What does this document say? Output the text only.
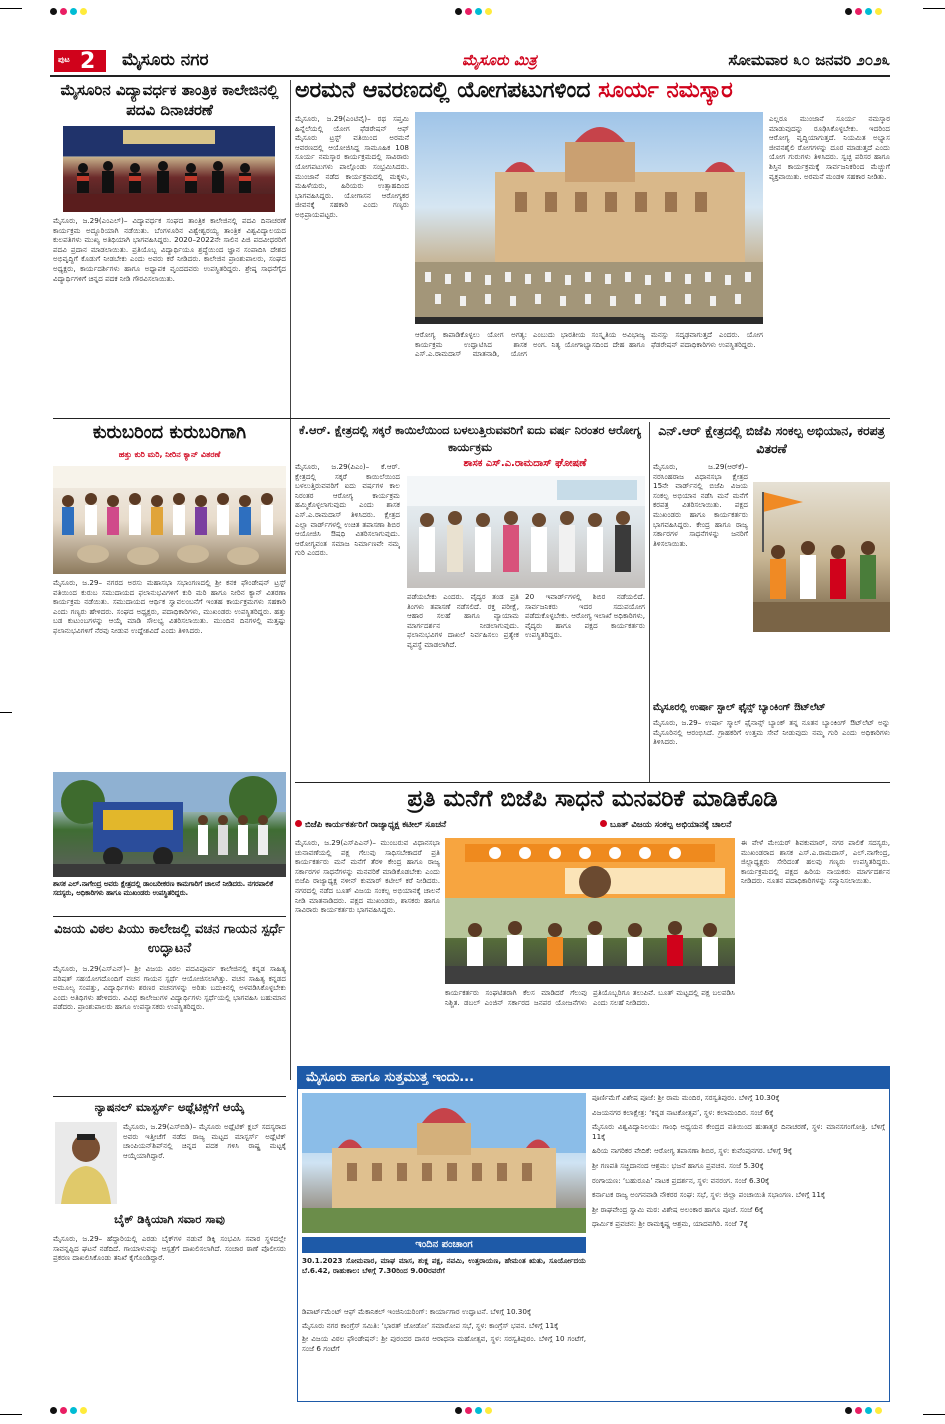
ಪುಟ 2 ಮೈಸೂರು ನಗರ	ಮೈಸೂರು ಮಿತ್ರ	ಸೋಮವಾರ ೩೦ ಜನವರಿ ೨೦೨೩
ಮೈಸೂರಿನ ವಿದ್ಯಾವರ್ಧಕ ತಾಂತ್ರಿಕ ಕಾಲೇಜಿನಲ್ಲಿ ಪದವಿ ದಿನಾಚರಣೆ
ಮೈಸೂರು, ಜ.29(ಎಂಎಲ್)– ವಿದ್ಯಾವರ್ಧಕ ಸಂಘದ ತಾಂತ್ರಿಕ ಕಾಲೇಜಿನಲ್ಲಿ ಪದವಿ ದಿನಾಚರಣೆ ಕಾರ್ಯಕ್ರಮ ಅದ್ದೂರಿಯಾಗಿ ನಡೆಯಿತು. ಬೆಂಗಳೂರಿನ ವಿಶ್ವೇಶ್ವರಯ್ಯ ತಾಂತ್ರಿಕ ವಿಶ್ವವಿದ್ಯಾಲಯದ ಕುಲಪತಿಗಳು ಮುಖ್ಯ ಅತಿಥಿಯಾಗಿ ಭಾಗವಹಿಸಿದ್ದರು. 2020–2022ನೇ ಸಾಲಿನ ಪಿಜಿ ಪದವೀಧರರಿಗೆ ಪದವಿ ಪ್ರದಾನ ಮಾಡಲಾಯಿತು. ಪ್ರತಿಯೊಬ್ಬ ವಿದ್ಯಾರ್ಥಿಯೂ ಶ್ರದ್ಧೆಯಿಂದ ಜ್ಞಾನ ಸಂಪಾದಿಸಿ ದೇಶದ ಅಭಿವೃದ್ಧಿಗೆ ಕೊಡುಗೆ ನೀಡಬೇಕು ಎಂದು ಅವರು ಕರೆ ನೀಡಿದರು. ಕಾಲೇಜಿನ ಪ್ರಾಂಶುಪಾಲರು, ಸಂಘದ ಅಧ್ಯಕ್ಷರು, ಕಾರ್ಯದರ್ಶಿಗಳು ಹಾಗೂ ಅಧ್ಯಾಪಕ ವೃಂದದವರು ಉಪಸ್ಥಿತರಿದ್ದರು. ಶ್ರೇಷ್ಠ ಸಾಧನೆಗೈದ ವಿದ್ಯಾರ್ಥಿಗಳಿಗೆ ಚಿನ್ನದ ಪದಕ ನೀಡಿ ಗೌರವಿಸಲಾಯಿತು.
ಅರಮನೆ ಆವರಣದಲ್ಲಿ ಯೋಗಪಟುಗಳಿಂದ ಸೂರ್ಯ ನಮಸ್ಕಾರ
ಮೈಸೂರು, ಜ.29(ಎಂಟಿವೈ)– ರಥ ಸಪ್ತಮಿ ಹಿನ್ನೆಲೆಯಲ್ಲಿ ಯೋಗ ಫೆಡರೇಷನ್ ಆಫ್ ಮೈಸೂರು ಟ್ರಸ್ಟ್ ವತಿಯಿಂದ ಅರಮನೆ ಆವರಣದಲ್ಲಿ ಆಯೋಜಿಸಿದ್ದ ಸಾಮೂಹಿಕ 108 ಸೂರ್ಯ ನಮಸ್ಕಾರ ಕಾರ್ಯಕ್ರಮದಲ್ಲಿ ಸಾವಿರಾರು ಯೋಗಪಟುಗಳು ಪಾಲ್ಗೊಂಡು ಸಂಭ್ರಮಿಸಿದರು. ಮುಂಜಾನೆ ನಡೆದ ಕಾರ್ಯಕ್ರಮದಲ್ಲಿ ಮಕ್ಕಳು, ಮಹಿಳೆಯರು, ಹಿರಿಯರು ಉತ್ಸಾಹದಿಂದ ಭಾಗವಹಿಸಿದ್ದರು. ಯೋಗಾಸನ ಆರೋಗ್ಯಕರ ಜೀವನಕ್ಕೆ ಸಹಕಾರಿ ಎಂದು ಗಣ್ಯರು ಅಭಿಪ್ರಾಯಪಟ್ಟರು.
ಆರೋಗ್ಯ ಕಾಪಾಡಿಕೊಳ್ಳಲು ಯೋಗ ಅಗತ್ಯ: ಕಾರ್ಯಕ್ರಮ ಉದ್ಘಾಟಿಸಿದ ಶಾಸಕ ಎಸ್.ಎ.ರಾಮದಾಸ್ ಮಾತನಾಡಿ, ಯೋಗ ಎಂಬುದು ಭಾರತೀಯ ಸಂಸ್ಕೃತಿಯ ಅವಿಭಾಜ್ಯ ಅಂಗ. ನಿತ್ಯ ಯೋಗಾಭ್ಯಾಸದಿಂದ ದೇಹ ಹಾಗೂ ಮನಸ್ಸು ಸದೃಢವಾಗುತ್ತದೆ ಎಂದರು. ಯೋಗ ಫೆಡರೇಷನ್ ಪದಾಧಿಕಾರಿಗಳು ಉಪಸ್ಥಿತರಿದ್ದರು.
ಎಲ್ಲರೂ ಮುಂಜಾನೆ ಸೂರ್ಯ ನಮಸ್ಕಾರ ಮಾಡುವುದನ್ನು ರೂಢಿಸಿಕೊಳ್ಳಬೇಕು. ಇದರಿಂದ ಆರೋಗ್ಯ ವೃದ್ಧಿಯಾಗುತ್ತದೆ. ನಿಯಮಿತ ಅಭ್ಯಾಸ ಜೀವನಶೈಲಿ ರೋಗಗಳನ್ನು ದೂರ ಮಾಡುತ್ತದೆ ಎಂದು ಯೋಗ ಗುರುಗಳು ತಿಳಿಸಿದರು. ಸ್ವಚ್ಛ ಪರಿಸರ ಹಾಗೂ ಶಿಸ್ತಿನ ಕಾರ್ಯಕ್ರಮಕ್ಕೆ ಸಾರ್ವಜನಿಕರಿಂದ ಮೆಚ್ಚುಗೆ ವ್ಯಕ್ತವಾಯಿತು. ಅರಮನೆ ಮಂಡಳಿ ಸಹಕಾರ ನೀಡಿತು.
ಕುರುಬರಿಂದ ಕುರುಬರಿಗಾಗಿ
ಹತ್ತು ಕುರಿ ಮರಿ, ನೀರಿನ ಕ್ಯಾನ್ ವಿತರಣೆ
ಮೈಸೂರು, ಜ.29– ನಗರದ ಅರಸು ಮಹಾಸಭಾ ಸಭಾಂಗಣದಲ್ಲಿ ಶ್ರೀ ಕನಕ ಫೌಂಡೇಷನ್ ಟ್ರಸ್ಟ್ ವತಿಯಿಂದ ಕುರುಬ ಸಮುದಾಯದ ಫಲಾನುಭವಿಗಳಿಗೆ ಕುರಿ ಮರಿ ಹಾಗೂ ನೀರಿನ ಕ್ಯಾನ್ ವಿತರಣಾ ಕಾರ್ಯಕ್ರಮ ನಡೆಯಿತು. ಸಮುದಾಯದ ಆರ್ಥಿಕ ಸ್ವಾವಲಂಬನೆಗೆ ಇಂತಹ ಕಾರ್ಯಕ್ರಮಗಳು ಸಹಕಾರಿ ಎಂದು ಗಣ್ಯರು ಹೇಳಿದರು. ಸಂಘದ ಅಧ್ಯಕ್ಷರು, ಪದಾಧಿಕಾರಿಗಳು, ಮುಖಂಡರು ಉಪಸ್ಥಿತರಿದ್ದರು. ಹತ್ತು ಬಡ ಕುಟುಂಬಗಳನ್ನು ಆಯ್ಕೆ ಮಾಡಿ ಸೌಲಭ್ಯ ವಿತರಿಸಲಾಯಿತು. ಮುಂದಿನ ದಿನಗಳಲ್ಲಿ ಮತ್ತಷ್ಟು ಫಲಾನುಭವಿಗಳಿಗೆ ನೆರವು ನೀಡುವ ಉದ್ದೇಶವಿದೆ ಎಂದು ತಿಳಿಸಿದರು.
ಕೆ.ಆರ್. ಕ್ಷೇತ್ರದಲ್ಲಿ ಸಕ್ಕರೆ ಕಾಯಿಲೆಯಿಂದ ಬಳಲುತ್ತಿರುವವರಿಗೆ ಐದು ವರ್ಷ ನಿರಂತರ ಆರೋಗ್ಯ ಕಾರ್ಯಕ್ರಮ
ಶಾಸಕ ಎಸ್.ಎ.ರಾಮದಾಸ್ ಘೋಷಣೆ
ಮೈಸೂರು, ಜ.29(ಪಿಎಂ)– ಕೆ.ಆರ್. ಕ್ಷೇತ್ರದಲ್ಲಿ ಸಕ್ಕರೆ ಕಾಯಿಲೆಯಿಂದ ಬಳಲುತ್ತಿರುವವರಿಗೆ ಐದು ವರ್ಷಗಳ ಕಾಲ ನಿರಂತರ ಆರೋಗ್ಯ ಕಾರ್ಯಕ್ರಮ ಹಮ್ಮಿಕೊಳ್ಳಲಾಗುವುದು ಎಂದು ಶಾಸಕ ಎಸ್.ಎ.ರಾಮದಾಸ್ ತಿಳಿಸಿದರು. ಕ್ಷೇತ್ರದ ಎಲ್ಲಾ ವಾರ್ಡ್‌ಗಳಲ್ಲಿ ಉಚಿತ ತಪಾಸಣಾ ಶಿಬಿರ ಆಯೋಜಿಸಿ ಔಷಧಿ ವಿತರಿಸಲಾಗುವುದು. ಆರೋಗ್ಯವಂತ ಸಮಾಜ ನಿರ್ಮಾಣವೇ ನಮ್ಮ ಗುರಿ ಎಂದರು.
ಪಡೆಯಬೇಕು ಎಂದರು. ವೈದ್ಯರ ತಂಡ ಪ್ರತಿ ತಿಂಗಳು ತಪಾಸಣೆ ನಡೆಸಲಿದೆ. ರಕ್ತ ಪರೀಕ್ಷೆ, ಆಹಾರ ಸಲಹೆ ಹಾಗೂ ವ್ಯಾಯಾಮ ಮಾರ್ಗದರ್ಶನ ನೀಡಲಾಗುವುದು. ಫಲಾನುಭವಿಗಳ ದಾಖಲೆ ನಿರ್ವಹಿಸಲು ಪ್ರತ್ಯೇಕ ವ್ಯವಸ್ಥೆ ಮಾಡಲಾಗಿದೆ.
20 ಇವಾರ್ಡ್‌ಗಳಲ್ಲಿ ಶಿಬಿರ ನಡೆಯಲಿದೆ. ಸಾರ್ವಜನಿಕರು ಇದರ ಸದುಪಯೋಗ ಪಡೆದುಕೊಳ್ಳಬೇಕು. ಆರೋಗ್ಯ ಇಲಾಖೆ ಅಧಿಕಾರಿಗಳು, ವೈದ್ಯರು ಹಾಗೂ ಪಕ್ಷದ ಕಾರ್ಯಕರ್ತರು ಉಪಸ್ಥಿತರಿದ್ದರು.
ಎನ್.ಆರ್ ಕ್ಷೇತ್ರದಲ್ಲಿ ಬಿಜೆಪಿ ಸಂಕಲ್ಪ ಅಭಿಯಾನ, ಕರಪತ್ರ ವಿತರಣೆ
ಮೈಸೂರು, ಜ.29(ಆರ್‌ಕೆ)– ನರಸಿಂಹರಾಜ ವಿಧಾನಸಭಾ ಕ್ಷೇತ್ರದ 15ನೇ ವಾರ್ಡ್‌ನಲ್ಲಿ ಬಿಜೆಪಿ ವಿಜಯ ಸಂಕಲ್ಪ ಅಭಿಯಾನ ನಡೆಸಿ ಮನೆ ಮನೆಗೆ ಕರಪತ್ರ ವಿತರಿಸಲಾಯಿತು. ಪಕ್ಷದ ಮುಖಂಡರು ಹಾಗೂ ಕಾರ್ಯಕರ್ತರು ಭಾಗವಹಿಸಿದ್ದರು. ಕೇಂದ್ರ ಹಾಗೂ ರಾಜ್ಯ ಸರ್ಕಾರಗಳ ಸಾಧನೆಗಳನ್ನು ಜನರಿಗೆ ತಿಳಿಸಲಾಯಿತು.
ಮೈಸೂರಲ್ಲಿ ಉರ್ಷಾ ಸ್ಟಾಲ್ ಫೈನ್ಸ್ ಬ್ಯಾಂಕಿಂಗ್ ಔಟ್‌ಲೆಟ್
ಮೈಸೂರು, ಜ.29– ಉರ್ಷಾ ಸ್ಮಾಲ್ ಫೈನಾನ್ಸ್ ಬ್ಯಾಂಕ್ ತನ್ನ ನೂತನ ಬ್ಯಾಂಕಿಂಗ್ ಔಟ್‌ಲೆಟ್ ಅನ್ನು ಮೈಸೂರಿನಲ್ಲಿ ಆರಂಭಿಸಿದೆ. ಗ್ರಾಹಕರಿಗೆ ಉತ್ತಮ ಸೇವೆ ನೀಡುವುದು ನಮ್ಮ ಗುರಿ ಎಂದು ಅಧಿಕಾರಿಗಳು ತಿಳಿಸಿದರು.
ಶಾಸಕ ಎಲ್.ನಾಗೇಂದ್ರ ಅವರು ಕ್ಷೇತ್ರದಲ್ಲಿ ಡಾಂಬರೀಕರಣ ಕಾಮಗಾರಿಗೆ ಚಾಲನೆ ನೀಡಿದರು. ನಗರಪಾಲಿಕೆ ಸದಸ್ಯರು, ಅಧಿಕಾರಿಗಳು ಹಾಗೂ ಮುಖಂಡರು ಉಪಸ್ಥಿತರಿದ್ದರು.
ವಿಜಯ ವಿಠಲ ಪಿಯು ಕಾಲೇಜಲ್ಲಿ ವಚನ ಗಾಯನ ಸ್ಪರ್ಧೆ ಉದ್ಘಾಟನೆ
ಮೈಸೂರು, ಜ.29(ಎಸ್‌ಎನ್)– ಶ್ರೀ ವಿಜಯ ವಿಠಲ ಪದವಿಪೂರ್ವ ಕಾಲೇಜಿನಲ್ಲಿ ಕನ್ನಡ ಸಾಹಿತ್ಯ ಪರಿಷತ್ ಸಹಯೋಗದೊಂದಿಗೆ ವಚನ ಗಾಯನ ಸ್ಪರ್ಧೆ ಆಯೋಜಿಸಲಾಗಿತ್ತು. ವಚನ ಸಾಹಿತ್ಯ ಕನ್ನಡದ ಅಮೂಲ್ಯ ಸಂಪತ್ತು, ವಿದ್ಯಾರ್ಥಿಗಳು ಶರಣರ ವಚನಗಳನ್ನು ಅರಿತು ಬದುಕಿನಲ್ಲಿ ಅಳವಡಿಸಿಕೊಳ್ಳಬೇಕು ಎಂದು ಅತಿಥಿಗಳು ಹೇಳಿದರು. ವಿವಿಧ ಕಾಲೇಜುಗಳ ವಿದ್ಯಾರ್ಥಿಗಳು ಸ್ಪರ್ಧೆಯಲ್ಲಿ ಭಾಗವಹಿಸಿ ಬಹುಮಾನ ಪಡೆದರು. ಪ್ರಾಂಶುಪಾಲರು ಹಾಗೂ ಉಪನ್ಯಾಸಕರು ಉಪಸ್ಥಿತರಿದ್ದರು.
ನ್ಯಾಷನಲ್ ಮಾಸ್ಟರ್ಸ್ ಅಥ್ಲೆಟಿಕ್ಸ್‌ಗೆ ಆಯ್ಕೆ
ಮೈಸೂರು, ಜ.29(ಎಸ್‌ಬಿಡಿ)– ಮೈಸೂರು ಅಥ್ಲೆಟಿಕ್ ಕ್ಲಬ್ ಸದಸ್ಯರಾದ ಅವರು ಇತ್ತೀಚೆಗೆ ನಡೆದ ರಾಜ್ಯ ಮಟ್ಟದ ಮಾಸ್ಟರ್ಸ್ ಅಥ್ಲೆಟಿಕ್ ಚಾಂಪಿಯನ್‌ಶಿಪ್‌ನಲ್ಲಿ ಚಿನ್ನದ ಪದಕ ಗಳಿಸಿ ರಾಷ್ಟ್ರ ಮಟ್ಟಕ್ಕೆ ಆಯ್ಕೆಯಾಗಿದ್ದಾರೆ.
ಬೈಕ್ ಡಿಕ್ಕಿಯಾಗಿ ಸವಾರ ಸಾವು
ಮೈಸೂರು, ಜ.29– ಹೆದ್ದಾರಿಯಲ್ಲಿ ಎರಡು ಬೈಕ್‌ಗಳ ನಡುವೆ ಡಿಕ್ಕಿ ಸಂಭವಿಸಿ ಸವಾರ ಸ್ಥಳದಲ್ಲೇ ಸಾವನ್ನಪ್ಪಿದ ಘಟನೆ ನಡೆದಿದೆ. ಗಾಯಾಳುವನ್ನು ಆಸ್ಪತ್ರೆಗೆ ದಾಖಲಿಸಲಾಗಿದೆ. ಸಂಚಾರ ಠಾಣೆ ಪೊಲೀಸರು ಪ್ರಕರಣ ದಾಖಲಿಸಿಕೊಂಡು ತನಿಖೆ ಕೈಗೊಂಡಿದ್ದಾರೆ.
ಪ್ರತಿ ಮನೆಗೆ ಬಿಜೆಪಿ ಸಾಧನೆ ಮನವರಿಕೆ ಮಾಡಿಕೊಡಿ
ಬಿಜೆಪಿ ಕಾರ್ಯಕರ್ತರಿಗೆ ರಾಜ್ಯಾಧ್ಯಕ್ಷ ಕಟೀಲ್ ಸೂಚನೆ	ಬೂತ್ ವಿಜಯ ಸಂಕಲ್ಪ ಅಭಿಯಾನಕ್ಕೆ ಚಾಲನೆ
ಮೈಸೂರು, ಜ.29(ಎಸ್‌ಪಿಎನ್)– ಮುಂಬರುವ ವಿಧಾನಸಭಾ ಚುನಾವಣೆಯಲ್ಲಿ ಪಕ್ಷ ಗೆಲುವು ಸಾಧಿಸಬೇಕಾದರೆ ಪ್ರತಿ ಕಾರ್ಯಕರ್ತರು ಮನೆ ಮನೆಗೆ ತೆರಳಿ ಕೇಂದ್ರ ಹಾಗೂ ರಾಜ್ಯ ಸರ್ಕಾರಗಳ ಸಾಧನೆಗಳನ್ನು ಮನವರಿಕೆ ಮಾಡಿಕೊಡಬೇಕು ಎಂದು ಬಿಜೆಪಿ ರಾಜ್ಯಾಧ್ಯಕ್ಷ ನಳೀನ್ ಕುಮಾರ್ ಕಟೀಲ್ ಕರೆ ನೀಡಿದರು. ನಗರದಲ್ಲಿ ನಡೆದ ಬೂತ್ ವಿಜಯ ಸಂಕಲ್ಪ ಅಭಿಯಾನಕ್ಕೆ ಚಾಲನೆ ನೀಡಿ ಮಾತನಾಡಿದರು. ಪಕ್ಷದ ಮುಖಂಡರು, ಶಾಸಕರು ಹಾಗೂ ಸಾವಿರಾರು ಕಾರ್ಯಕರ್ತರು ಭಾಗವಹಿಸಿದ್ದರು.
ಕಾರ್ಯಕರ್ತರು ಸಂಘಟಿತರಾಗಿ ಕೆಲಸ ಮಾಡಿದರೆ ಗೆಲುವು ನಿಶ್ಚಿತ. ಡಬಲ್ ಎಂಜಿನ್ ಸರ್ಕಾರದ ಜನಪರ ಯೋಜನೆಗಳು ಪ್ರತಿಯೊಬ್ಬರಿಗೂ ತಲುಪಿವೆ. ಬೂತ್ ಮಟ್ಟದಲ್ಲಿ ಪಕ್ಷ ಬಲಪಡಿಸಿ ಎಂದು ಸಲಹೆ ನೀಡಿದರು.
ಈ ವೇಳೆ ಮೇಯರ್ ಶಿವಕುಮಾರ್, ನಗರ ಪಾಲಿಕೆ ಸದಸ್ಯರು, ಮುಖಂಡರಾದ ಶಾಸಕ ಎಸ್.ಎ.ರಾಮದಾಸ್, ಎಲ್.ನಾಗೇಂದ್ರ, ಜಿಲ್ಲಾಧ್ಯಕ್ಷರು ಸೇರಿದಂತೆ ಹಲವು ಗಣ್ಯರು ಉಪಸ್ಥಿತರಿದ್ದರು. ಕಾರ್ಯಕ್ರಮದಲ್ಲಿ ಪಕ್ಷದ ಹಿರಿಯ ನಾಯಕರು ಮಾರ್ಗದರ್ಶನ ನೀಡಿದರು. ನೂತನ ಪದಾಧಿಕಾರಿಗಳನ್ನು ಸನ್ಮಾನಿಸಲಾಯಿತು.
ಮೈಸೂರು ಹಾಗೂ ಸುತ್ತಮುತ್ತ ಇಂದು...
ಇಂದಿನ ಪಂಚಾಂಗ
30.1.2023 ಸೋಮವಾರ, ಮಾಘ ಮಾಸ, ಶುಕ್ಲ ಪಕ್ಷ, ನವಮಿ, ಉತ್ತರಾಯಣ, ಹೇಮಂತ ಋತು, ಸೂರ್ಯೋದಯ ಬೆ.6.42, ರಾಹುಕಾಲ: ಬೆಳಿಗ್ಗೆ 7.30ರಿಂದ 9.00ರವರೆಗೆ
ಡಿಪಾರ್ಟ್‌ಮೆಂಟ್ ಆಫ್ ಮೆಕಾನಿಕಲ್ ಇಂಜಿನಿಯರಿಂಗ್: ಕಾರ್ಯಾಗಾರ ಉದ್ಘಾಟನೆ. ಬೆಳಿಗ್ಗೆ 10.30ಕ್ಕೆ
ಮೈಸೂರು ನಗರ ಕಾಂಗ್ರೆಸ್ ಸಮಿತಿ: ‘ಭಾರತ್ ಜೋಡೋ’ ಸಮಾರೋಪ ಸಭೆ, ಸ್ಥಳ: ಕಾಂಗ್ರೆಸ್ ಭವನ. ಬೆಳಿಗ್ಗೆ 11ಕ್ಕೆ
ಶ್ರೀ ವಿಜಯ ವಿಠಲ ಫೌಂಡೇಷನ್: ಶ್ರೀ ಪುರಂದರ ದಾಸರ ಆರಾಧನಾ ಮಹೋತ್ಸವ, ಸ್ಥಳ: ಸರಸ್ವತಿಪುರಂ. ಬೆಳಿಗ್ಗೆ 10 ಗಂಟೆಗೆ, ಸಂಜೆ 6 ಗಂಟೆಗೆ
ಪೂರ್ಣಿಮೆಗೆ ವಿಶೇಷ ಪೂಜೆ: ಶ್ರೀ ರಾಮ ಮಂದಿರ, ಸರಸ್ವತಿಪುರಂ. ಬೆಳಿಗ್ಗೆ 10.30ಕ್ಕೆ
ವಿಜಯನಗರ ಕಲಾಕ್ಷೇತ್ರ: ‘ಕನ್ನಡ ನಾಟಕೋತ್ಸವ’, ಸ್ಥಳ: ಕಲಾಮಂದಿರ. ಸಂಜೆ 6ಕ್ಕೆ
ಮೈಸೂರು ವಿಶ್ವವಿದ್ಯಾನಿಲಯ: ಗಾಂಧಿ ಅಧ್ಯಯನ ಕೇಂದ್ರದ ವತಿಯಿಂದ ಹುತಾತ್ಮರ ದಿನಾಚರಣೆ, ಸ್ಥಳ: ಮಾನಸಗಂಗೋತ್ರಿ. ಬೆಳಿಗ್ಗೆ 11ಕ್ಕೆ
ಹಿರಿಯ ನಾಗರಿಕರ ವೇದಿಕೆ: ಆರೋಗ್ಯ ತಪಾಸಣಾ ಶಿಬಿರ, ಸ್ಥಳ: ಕುವೆಂಪುನಗರ. ಬೆಳಿಗ್ಗೆ 9ಕ್ಕೆ
ಶ್ರೀ ಗಣಪತಿ ಸಚ್ಚಿದಾನಂದ ಆಶ್ರಮ: ಭಜನೆ ಹಾಗೂ ಪ್ರವಚನ. ಸಂಜೆ 5.30ಕ್ಕೆ
ರಂಗಾಯಣ: ‘ಬಹುರೂಪಿ’ ನಾಟಕ ಪ್ರದರ್ಶನ, ಸ್ಥಳ: ವನರಂಗ. ಸಂಜೆ 6.30ಕ್ಕೆ
ಕರ್ನಾಟಕ ರಾಜ್ಯ ಅಂಗನವಾಡಿ ನೌಕರರ ಸಂಘ: ಸಭೆ, ಸ್ಥಳ: ಜಿಲ್ಲಾ ಪಂಚಾಯಿತಿ ಸಭಾಂಗಣ. ಬೆಳಿಗ್ಗೆ 11ಕ್ಕೆ
ಶ್ರೀ ರಾಘವೇಂದ್ರ ಸ್ವಾಮಿ ಮಠ: ವಿಶೇಷ ಅಲಂಕಾರ ಹಾಗೂ ಪೂಜೆ. ಸಂಜೆ 6ಕ್ಕೆ
ಧಾರ್ಮಿಕ ಪ್ರವಚನ: ಶ್ರೀ ರಾಮಕೃಷ್ಣ ಆಶ್ರಮ, ಯಾದವಗಿರಿ. ಸಂಜೆ 7ಕ್ಕೆ
